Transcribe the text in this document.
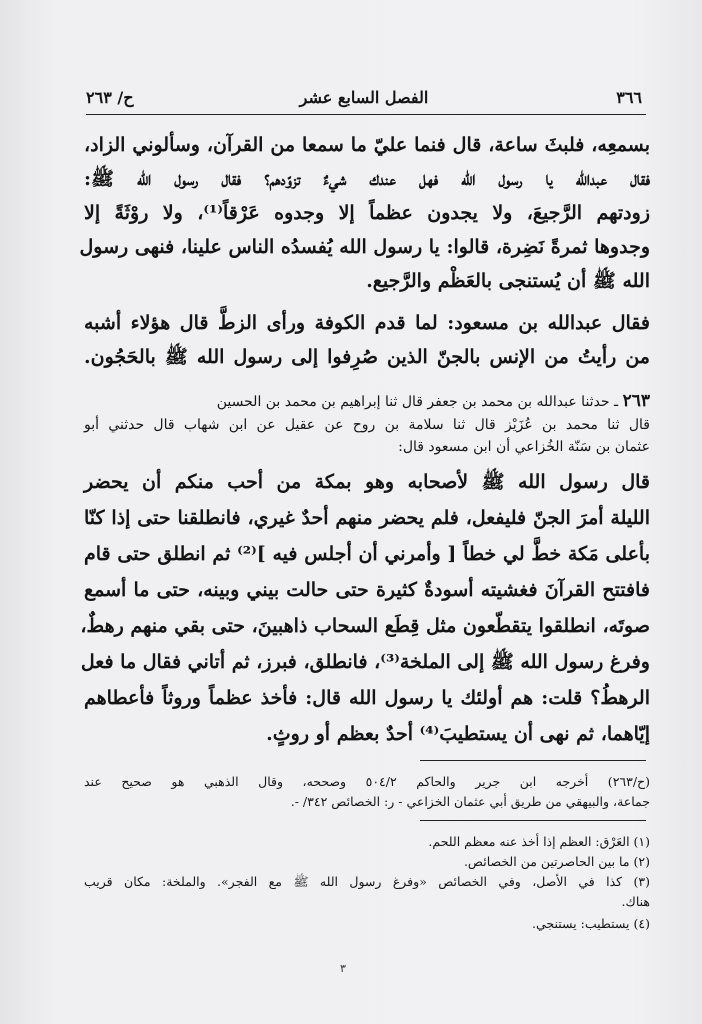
٣٦٦
الفصل السابع عشر
ح/ ٢٦٣
بسمعِه، فلبثَ ساعة، قال فنما عليّ ما سمعا من القرآن، وسألوني الزاد،
فقال عبدالله يا رسول الله فهل عندك شيءٌ تزوّدهم؟ فقال رسول الله ﷺ:
زودتهم الرَّجيعَ، ولا يجدون عظماً إلا وجدوه عَرْقاً⁽¹⁾، ولا روْثَةً إلا
وجدوها ثمرةً نَضِرة، قالوا: يا رسول الله يُفسدُه الناس علينا، فنهى رسول
الله ﷺ أن يُستنجى بالعَظْم والرَّجيع.
فقال عبدالله بن مسعود: لما قدم الكوفة ورأى الزطَّ قال هؤلاء أشبه
من رأيتُ من الإنس بالجنّ الذين صُرِفوا إلى رسول الله ﷺ بالحَجُون.
٢٦٣ ـ حدثنا عبدالله بن محمد بن جعفر قال ثنا إبراهيم بن محمد بن الحسين
قال ثنا محمد بن عُزَيْز قال ثنا سلامة بن روح عن عقيل عن ابن شهاب قال حدثني أبو
عثمان بن سَنّة الخُزاعي أن ابن مسعود قال:
قال رسول الله ﷺ لأصحابه وهو بمكة من أحب منكم أن يحضر
الليلة أمرَ الجنّ فليفعل، فلم يحضر منهم أحدٌ غيري، فانطلقنا حتى إذا كنّا
بأعلى مَكة خطَّ لي خطاً [ وأمرني أن أجلس فيه ]⁽²⁾ ثم انطلق حتى قام
فافتتح القرآنَ فغشيته أسودةٌ كثيرة حتى حالت بيني وبينه، حتى ما أسمع
صوتَه، انطلقوا يتقطّعون مثل قِطَع السحاب ذاهبينَ، حتى بقي منهم رهطٌ،
وفرغ رسول الله ﷺ إلى الملخة⁽³⁾، فانطلق، فبرز، ثم أتاني فقال ما فعل
الرهطُ؟ قلت: هم أولئك يا رسول الله قال: فأخذ عظماً وروثاً فأعطاهم
إيّاهما، ثم نهى أن يستطيبَ⁽⁴⁾ أحدٌ بعظم أو روثٍ.
(ح/٢٦٣) أخرجه ابن جرير والحاكم ٥٠٤/٢ وصححه، وقال الذهبي هو صحيح عند
جماعة، والبيهقي من طريق أبي عثمان الخزاعي - ر: الخصائص ٣٤٢/ -.
(١) العَرْق: العظم إذا أخذ عنه معظم اللحم.
(٢) ما بين الحاصرتين من الخصائص.
(٣) كذا في الأصل، وفي الخصائص «وفرغ رسول الله ﷺ مع الفجر». والملخة: مكان قريب
هناك.
(٤) يستطيب: يستنجي.
٣
